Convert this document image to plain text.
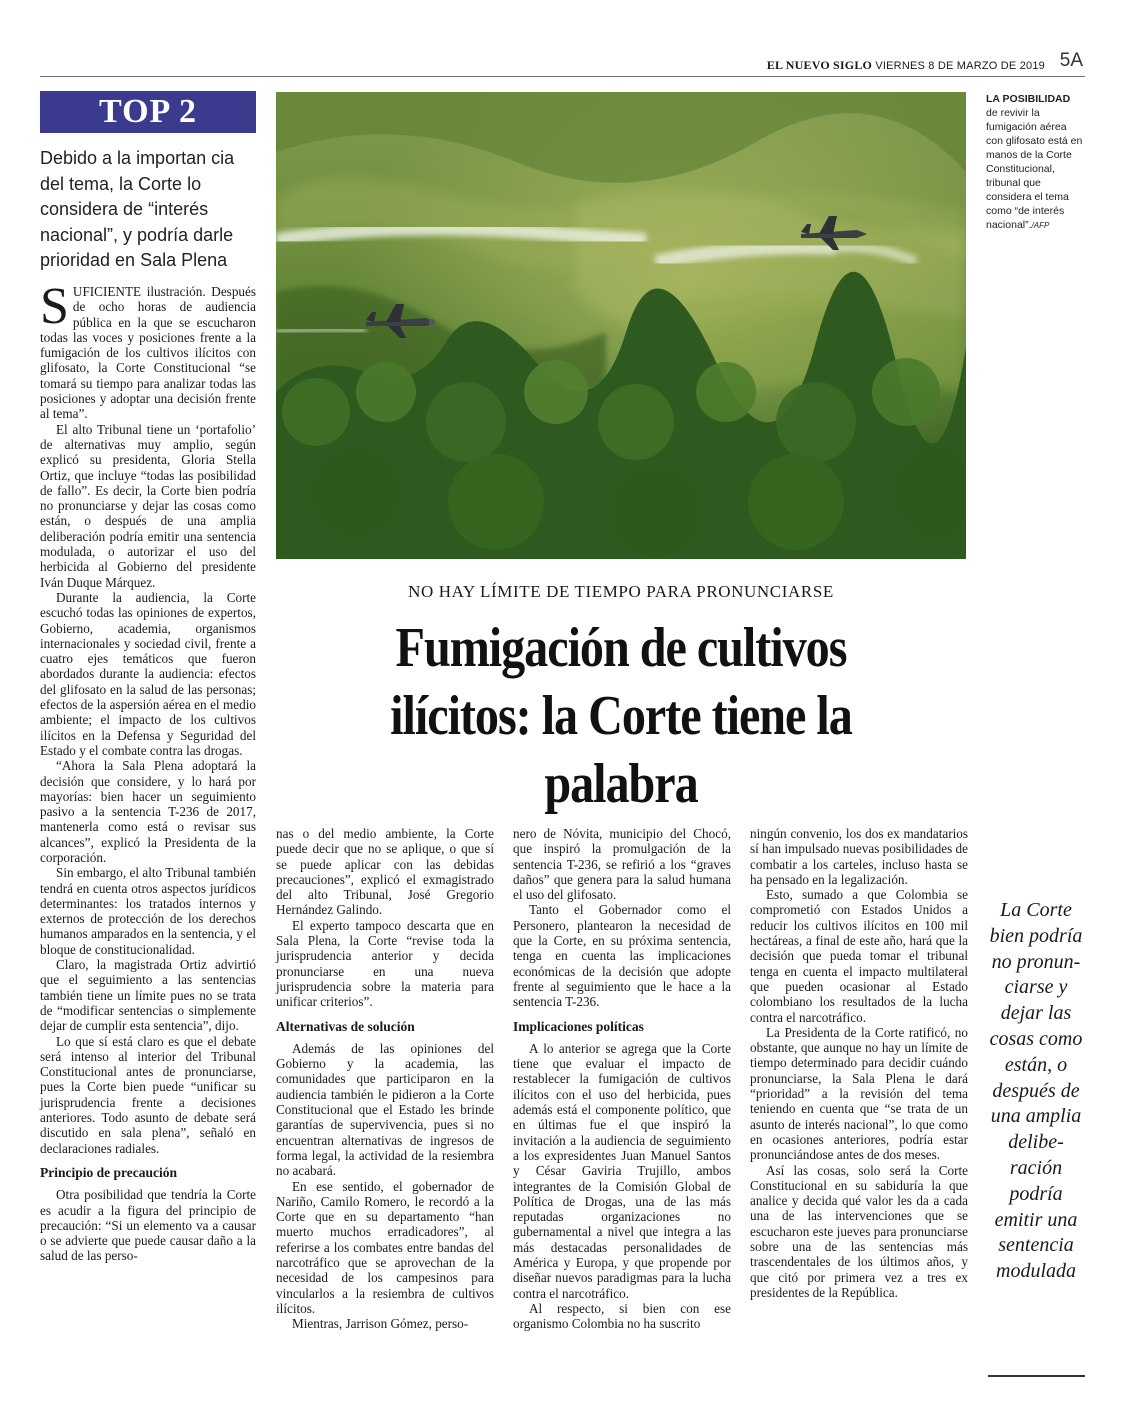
EL NUEVO SIGLO VIERNES 8 DE MARZO DE 2019 5A
TOP 2
Debido a la importan cia del tema, la Corte lo considera de “interés nacional”, y podría darle prioridad en Sala Plena
LA POSIBILIDAD
de revivir la fumigación aérea con glifosato está en manos de la Corte Constitucional, tribunal que considera el tema como “de interés nacional”./AFP
NO HAY LÍMITE DE TIEMPO PARA PRONUNCIARSE
Fumigación de cultivos ilícitos: la Corte tiene la palabra

SUFICIENTE ilustración. Después de ocho horas de audiencia pública en la que se escucharon todas las voces y posiciones frente a la fumigación de los cultivos ilícitos con glifosato, la Corte Constitucional “se tomará su tiempo para analizar todas las posiciones y adoptar una decisión frente al tema”.

El alto Tribunal tiene un ‘portafolio’ de alternativas muy amplio, según explicó su presidenta, Gloria Stella Ortiz, que incluye “todas las posibilidad de fallo”. Es decir, la Corte bien podría no pronunciarse y dejar las cosas como están, o después de una amplia deliberación podría emitir una sentencia modulada, o autorizar el uso del herbicida al Gobierno del presidente Iván Duque Márquez.

Durante la audiencia, la Corte escuchó todas las opiniones de expertos, Gobierno, academia, organismos internacionales y sociedad civil, frente a cuatro ejes temáticos que fueron abordados durante la audiencia: efectos del glifosato en la salud de las personas; efectos de la aspersión aérea en el medio ambiente; el impacto de los cultivos ilícitos en la Defensa y Seguridad del Estado y el combate contra las drogas.

“Ahora la Sala Plena adoptará la decisión que considere, y lo hará por mayorías: bien hacer un seguimiento pasivo a la sentencia T-236 de 2017, mantenerla como está o revisar sus alcances”, explicó la Presidenta de la corporación.

Sin embargo, el alto Tribunal también tendrá en cuenta otros aspectos jurídicos determinantes: los tratados internos y externos de protección de los derechos humanos amparados en la sentencia, y el bloque de constitucionalidad.

Claro, la magistrada Ortiz advirtió que el seguimiento a las sentencias también tiene un límite pues no se trata de “modificar sentencias o simplemente dejar de cumplir esta sentencia”, dijo.

Lo que sí está claro es que el debate será intenso al interior del Tribunal Constitucional antes de pronunciarse, pues la Corte bien puede “unificar su jurisprudencia frente a decisiones anteriores. Todo asunto de debate será discutido en sala plena”, señaló en declaraciones radiales.

Principio de precaución

Otra posibilidad que tendría la Corte es acudir a la figura del principio de precaución: “Si un elemento va a causar o se advierte que puede causar daño a la salud de las perso-

nas o del medio ambiente, la Corte puede decir que no se aplique, o que sí se puede aplicar con las debidas precauciones”, explicó el exmagistrado del alto Tribunal, José Gregorio Hernández Galindo.

El experto tampoco descarta que en Sala Plena, la Corte “revise toda la jurisprudencia anterior y decida pronunciarse en una nueva jurisprudencia sobre la materia para unificar criterios”.

Alternativas de solución

Además de las opiniones del Gobierno y la academia, las comunidades que participaron en la audiencia también le pidieron a la Corte Constitucional que el Estado les brinde garantías de supervivencia, pues si no encuentran alternativas de ingresos de forma legal, la actividad de la resiembra no acabará.

En ese sentido, el gobernador de Nariño, Camilo Romero, le recordó a la Corte que en su departamento “han muerto muchos erradicadores”, al referirse a los combates entre bandas del narcotráfico que se aprovechan de la necesidad de los campesinos para vincularlos a la resiembra de cultivos ilícitos.

Mientras, Jarrison Gómez, perso-

nero de Nóvita, municipio del Chocó, que inspiró la promulgación de la sentencia T-236, se refirió a los “graves daños” que genera para la salud humana el uso del glifosato.

Tanto el Gobernador como el Personero, plantearon la necesidad de que la Corte, en su próxima sentencia, tenga en cuenta las implicaciones económicas de la decisión que adopte frente al seguimiento que le hace a la sentencia T-236.

Implicaciones políticas

A lo anterior se agrega que la Corte tiene que evaluar el impacto de restablecer la fumigación de cultivos ilícitos con el uso del herbicida, pues además está el componente político, que en últimas fue el que inspiró la invitación a la audiencia de seguimiento a los expresidentes Juan Manuel Santos y César Gaviria Trujillo, ambos integrantes de la Comisión Global de Política de Drogas, una de las más reputadas organizaciones no gubernamental a nivel que integra a las más destacadas personalidades de América y Europa, y que propende por diseñar nuevos paradigmas para la lucha contra el narcotráfico.

Al respecto, si bien con ese organismo Colombia no ha suscrito

ningún convenio, los dos ex mandatarios sí han impulsado nuevas posibilidades de combatir a los carteles, incluso hasta se ha pensado en la legalización.

Esto, sumado a que Colombia se comprometió con Estados Unidos a reducir los cultivos ilícitos en 100 mil hectáreas, a final de este año, hará que la decisión que pueda tomar el tribunal tenga en cuenta el impacto multilateral que pueden ocasionar al Estado colombiano los resultados de la lucha contra el narcotráfico.

La Presidenta de la Corte ratificó, no obstante, que aunque no hay un límite de tiempo determinado para decidir cuándo pronunciarse, la Sala Plena le dará “prioridad” a la revisión del tema teniendo en cuenta que “se trata de un asunto de interés nacional”, lo que como en ocasiones anteriores, podría estar pronunciándose antes de dos meses.

Así las cosas, solo será la Corte Constitucional en su sabiduría la que analice y decida qué valor les da a cada una de las intervenciones que se escucharon este jueves para pronunciarse sobre una de las sentencias más trascendentales de los últimos años, y que citó por primera vez a tres ex presidentes de la República.

La Corte bien podría no pronun-ciarse y dejar las cosas como están, o después de una amplia delibe-ración podría emitir una sentencia modulada
